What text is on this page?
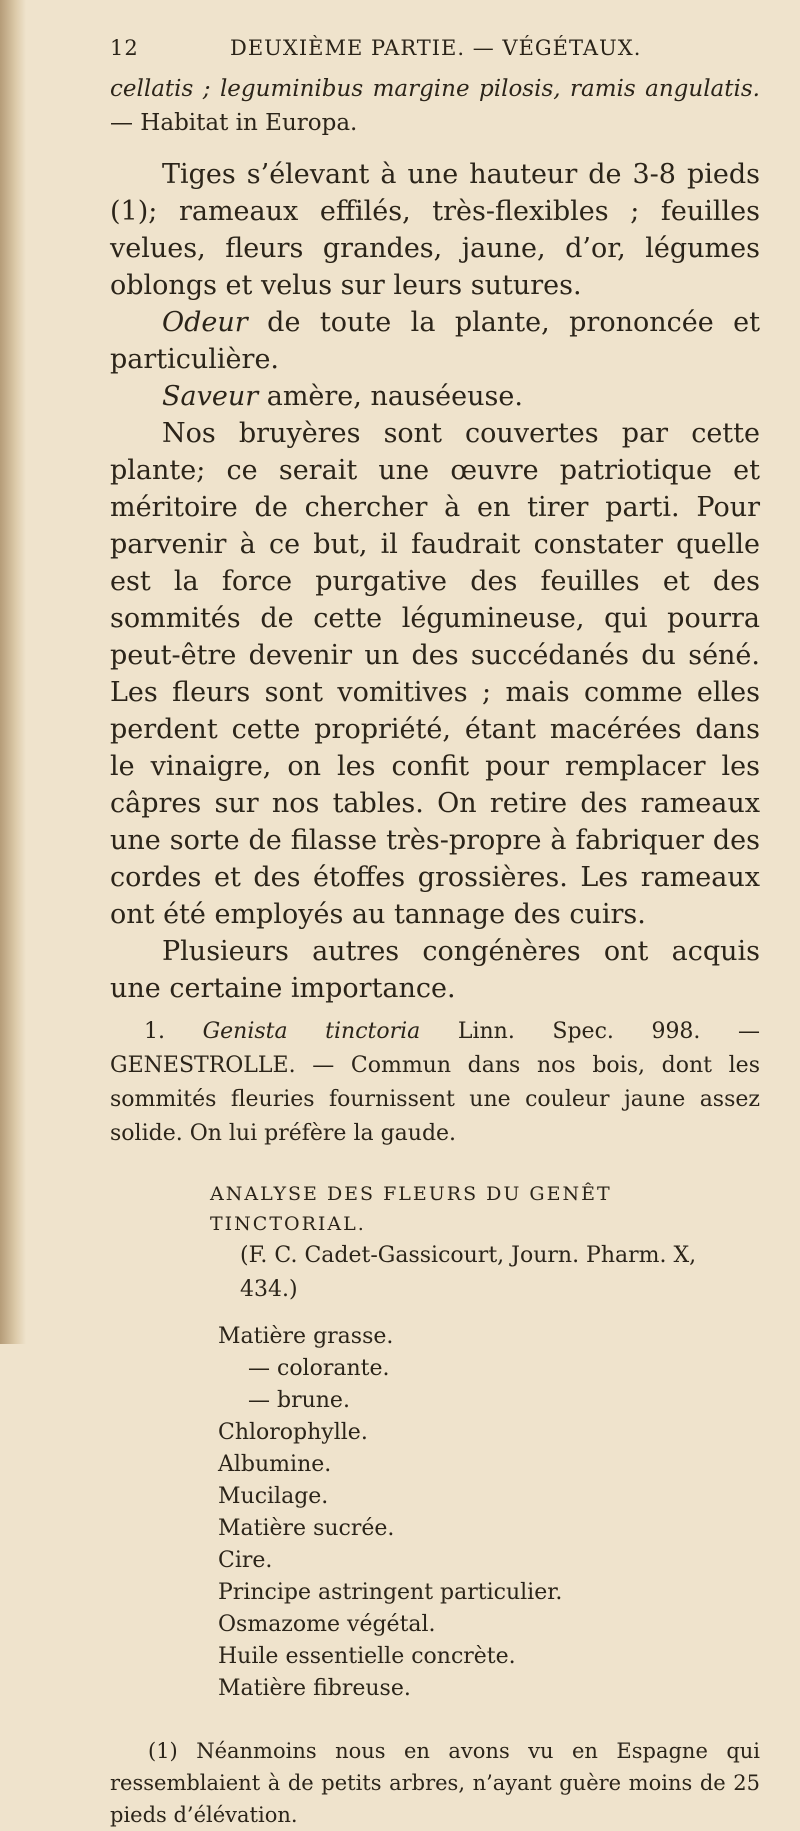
12	DEUXIÈME PARTIE. — VÉGÉTAUX.

cellatis ; leguminibus margine pilosis, ramis angulatis. — Habitat in Europa.

Tiges s’élevant à une hauteur de 3-8 pieds (1); rameaux effilés, très-flexibles ; feuilles velues, fleurs grandes, jaune, d’or, légumes oblongs et velus sur leurs sutures.

Odeur de toute la plante, prononcée et particulière.

Saveur amère, nauséeuse.

Nos bruyères sont couvertes par cette plante; ce serait une œuvre patriotique et méritoire de chercher à en tirer parti. Pour parvenir à ce but, il faudrait constater quelle est la force purgative des feuilles et des sommités de cette légumineuse, qui pourra peut-être devenir un des succédanés du séné. Les fleurs sont vomitives ; mais comme elles perdent cette propriété, étant macérées dans le vinaigre, on les confit pour remplacer les câpres sur nos tables. On retire des rameaux une sorte de filasse très-propre à fabriquer des cordes et des étoffes grossières. Les rameaux ont été employés au tannage des cuirs.

Plusieurs autres congénères ont acquis une certaine importance.

1. Genista tinctoria Linn. Spec. 998. — GENESTROLLE. — Commun dans nos bois, dont les sommités fleuries fournissent une couleur jaune assez solide. On lui préfère la gaude.

ANALYSE DES FLEURS DU GENÊT TINCTORIAL.
(F. C. Cadet-Gassicourt, Journ. Pharm. X, 434.)
Matière grasse.
— colorante.
— brune.
Chlorophylle.
Albumine.
Mucilage.
Matière sucrée.
Cire.
Principe astringent particulier.
Osmazome végétal.
Huile essentielle concrète.
Matière fibreuse.

(1) Néanmoins nous en avons vu en Espagne qui ressemblaient à de petits arbres, n’ayant guère moins de 25 pieds d’élévation.
